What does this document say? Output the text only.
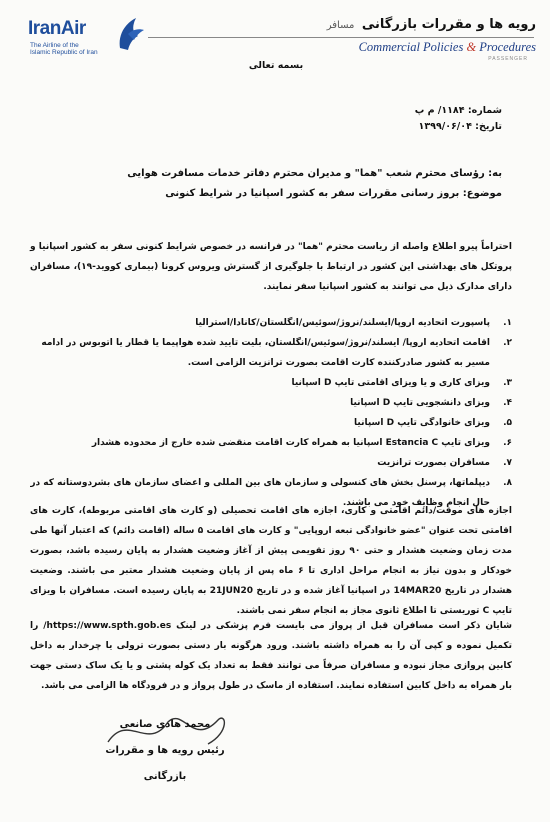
IranAir
The Airline of the Islamic Republic of Iran
رویه ها و مقررات بازرگانی مسافر
Commercial Policies & Procedures
PASSENGER
بسمه تعالی
شماره: ۱۱۸۴/ م پ
تاریخ: ۱۳۹۹/۰۶/۰۴
به: رؤسای محترم شعب "هما" و مدیران محترم دفاتر خدمات مسافرت هوایی
موضوع: بروز رسانی مقررات سفر به کشور اسپانیا در شرایط کنونی
احتراماً پیرو اطلاع واصله از ریاست محترم "هما" در فرانسه در خصوص شرایط کنونی سفر به کشور اسپانیا و پروتکل های بهداشتی این کشور در ارتباط با جلوگیری از گسترش ویروس کرونا (بیماری کووید-۱۹)، مسافران دارای مدارک ذیل می توانند به کشور اسپانیا سفر نمایند.
۱.
پاسپورت اتحادیه اروپا/ایسلند/نروژ/سوئیس/انگلستان/کانادا/استرالیا
۲.
اقامت اتحادیه اروپا/ ایسلند/نروژ/سوئیس/انگلستان، بلیت تایید شده هواپیما یا قطار یا اتوبوس در ادامه مسیر به کشور صادرکننده کارت اقامت بصورت ترانزیت الزامی است.
۳.
ویزای کاری و یا ویزای اقامتی تایپ D اسپانیا
۴.
ویزای دانشجویی تایپ D اسپانیا
۵.
ویزای خانوادگی تایپ D اسپانیا
۶.
ویزای تایپ Estancia C اسپانیا به همراه کارت اقامت منقضی شده خارج از محدوده هشدار
۷.
مسافران بصورت ترانزیت
۸.
دیپلماتها، پرسنل بخش های کنسولی و سازمان های بین المللی و اعضای سازمان های بشردوستانه که در حال انجام وظایف خود می باشند.
اجازه های موقت/دائم اقامتی و کاری، اجازه های اقامت تحصیلی (و کارت های اقامتی مربوطه)، کارت های اقامتی تحت عنوان "عضو خانوادگی تبعه اروپایی" و کارت های اقامت ۵ ساله (اقامت دائم) که اعتبار آنها طی مدت زمان وضعیت هشدار و حتی ۹۰ روز تقویمی پیش از آغاز وضعیت هشدار به پایان رسیده باشد، بصورت خودکار و بدون نیاز به انجام مراحل اداری تا ۶ ماه پس از پایان وضعیت هشدار معتبر می باشند. وضعیت هشدار در تاریخ 14MAR20 در اسپانیا آغاز شده و در تاریخ 21JUN20 به پایان رسیده است. مسافران با ویزای تایپ C توریستی تا اطلاع ثانوی مجاز به انجام سفر نمی باشند.
شایان ذکر است مسافران قبل از پرواز می بایست فرم پزشکی در لینک https://www.spth.gob.es/ را تکمیل نموده و کپی آن را به همراه داشته باشند. ورود هرگونه بار دستی بصورت ترولی یا چرخدار به داخل کابین پروازی مجاز نبوده و مسافران صرفاً می توانند فقط به تعداد یک کوله پشتی و یا یک ساک دستی جهت بار همراه به داخل کابین استفاده نمایند. استفاده از ماسک در طول پرواز و در فرودگاه ها الزامی می باشد.
محمد هادی صانعی
رئیس رویه ها و مقررات بازرگانی
